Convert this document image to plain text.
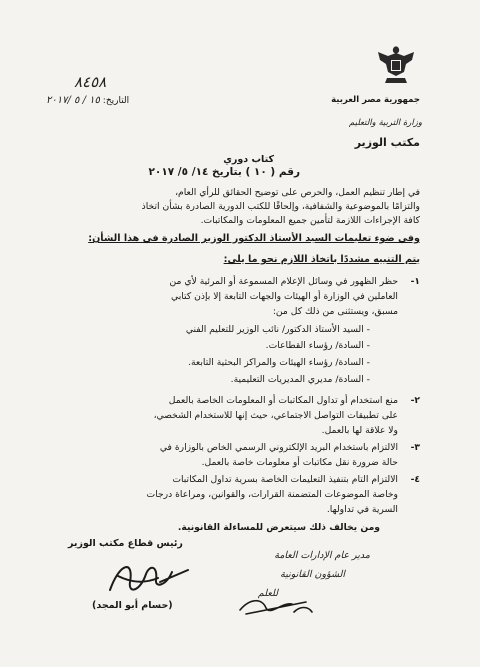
٨٤٥٨
التاريخ: ١٥ / ٥ /٢٠١٧	جمهورية مصر العربية
وزارة التربية والتعليم
مكتب الوزير
كتاب دوري
رقم ( ١٠ ) بتاريخ ١٤/ ٥/ ٢٠١٧
في إطار تنظيم العمل، والحرص على توضيح الحقائق للرأي العام،
والتزامًا بالموضوعية والشفافية، وإلحاقًا للكتب الدورية الصادرة بشأن اتخاذ
كافة الإجراءات اللازمة لتأمين جميع المعلومات والمكاتبات.
وفي ضوء تعليمات السيد الأستاذ الدكتور الوزير الصادرة في هذا الشأن:
يتم التنبيه مشددًا باتخاذ اللازم نحو ما يلي:
١-
حظر الظهور في وسائل الإعلام المسموعة أو المرئية لأي من
العاملين في الوزارة أو الهيئات والجهات التابعة إلا بإذن كتابي
مسبق، ويستثنى من ذلك كل من:
- السيد الأستاذ الدكتور/ نائب الوزير للتعليم الفني
- السادة/ رؤساء القطاعات.
- السادة/ رؤساء الهيئات والمراكز البحثية التابعة.
- السادة/ مديري المديريات التعليمية.
٢-
منع استخدام أو تداول المكاتبات أو المعلومات الخاصة بالعمل
على تطبيقات التواصل الاجتماعي، حيث إنها للاستخدام الشخصي،
ولا علاقة لها بالعمل.
٣-
الالتزام باستخدام البريد الإلكتروني الرسمي الخاص بالوزارة في
حالة ضرورة نقل مكاتبات أو معلومات خاصة بالعمل.
٤-
الالتزام التام بتنفيذ التعليمات الخاصة بسرية تداول المكاتبات
وخاصة الموضوعات المتضمنة القرارات، والقوانين، ومراعاة درجات
السرية في تداولها.
ومن يخالف ذلك سيتعرض للمساءلة القانونية.
رئيس قطاع مكتب الوزير
(حسام أبو المجد)
مدير عام الإدارات العامة
الشؤون القانونية
للعلم
